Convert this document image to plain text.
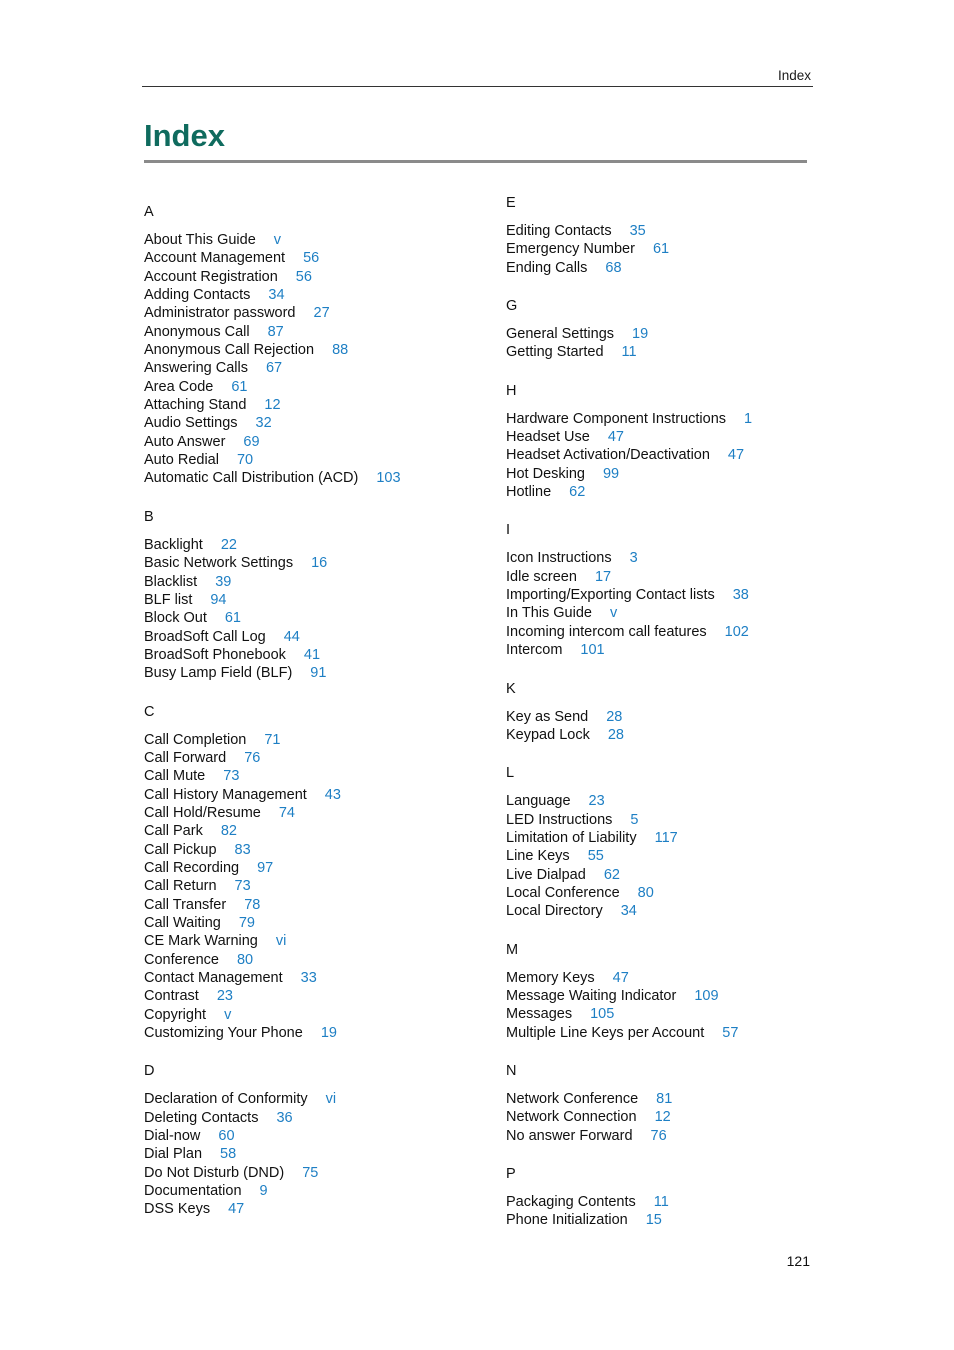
Index
Index
A
About This Guide v
Account Management 56
Account Registration 56
Adding Contacts 34
Administrator password 27
Anonymous Call 87
Anonymous Call Rejection 88
Answering Calls 67
Area Code 61
Attaching Stand 12
Audio Settings 32
Auto Answer 69
Auto Redial 70
Automatic Call Distribution (ACD) 103
B
Backlight 22
Basic Network Settings 16
Blacklist 39
BLF list 94
Block Out 61
BroadSoft Call Log 44
BroadSoft Phonebook 41
Busy Lamp Field (BLF) 91
C
Call Completion 71
Call Forward 76
Call Mute 73
Call History Management 43
Call Hold/Resume 74
Call Park 82
Call Pickup 83
Call Recording 97
Call Return 73
Call Transfer 78
Call Waiting 79
CE Mark Warning vi
Conference 80
Contact Management 33
Contrast 23
Copyright v
Customizing Your Phone 19
D
Declaration of Conformity vi
Deleting Contacts 36
Dial-now 60
Dial Plan 58
Do Not Disturb (DND) 75
Documentation 9
DSS Keys 47
E
Editing Contacts 35
Emergency Number 61
Ending Calls 68
G
General Settings 19
Getting Started 11
H
Hardware Component Instructions 1
Headset Use 47
Headset Activation/Deactivation 47
Hot Desking 99
Hotline 62
I
Icon Instructions 3
Idle screen 17
Importing/Exporting Contact lists 38
In This Guide v
Incoming intercom call features 102
Intercom 101
K
Key as Send 28
Keypad Lock 28
L
Language 23
LED Instructions 5
Limitation of Liability 117
Line Keys 55
Live Dialpad 62
Local Conference 80
Local Directory 34
M
Memory Keys 47
Message Waiting Indicator 109
Messages 105
Multiple Line Keys per Account 57
N
Network Conference 81
Network Connection 12
No answer Forward 76
P
Packaging Contents 11
Phone Initialization 15
121
